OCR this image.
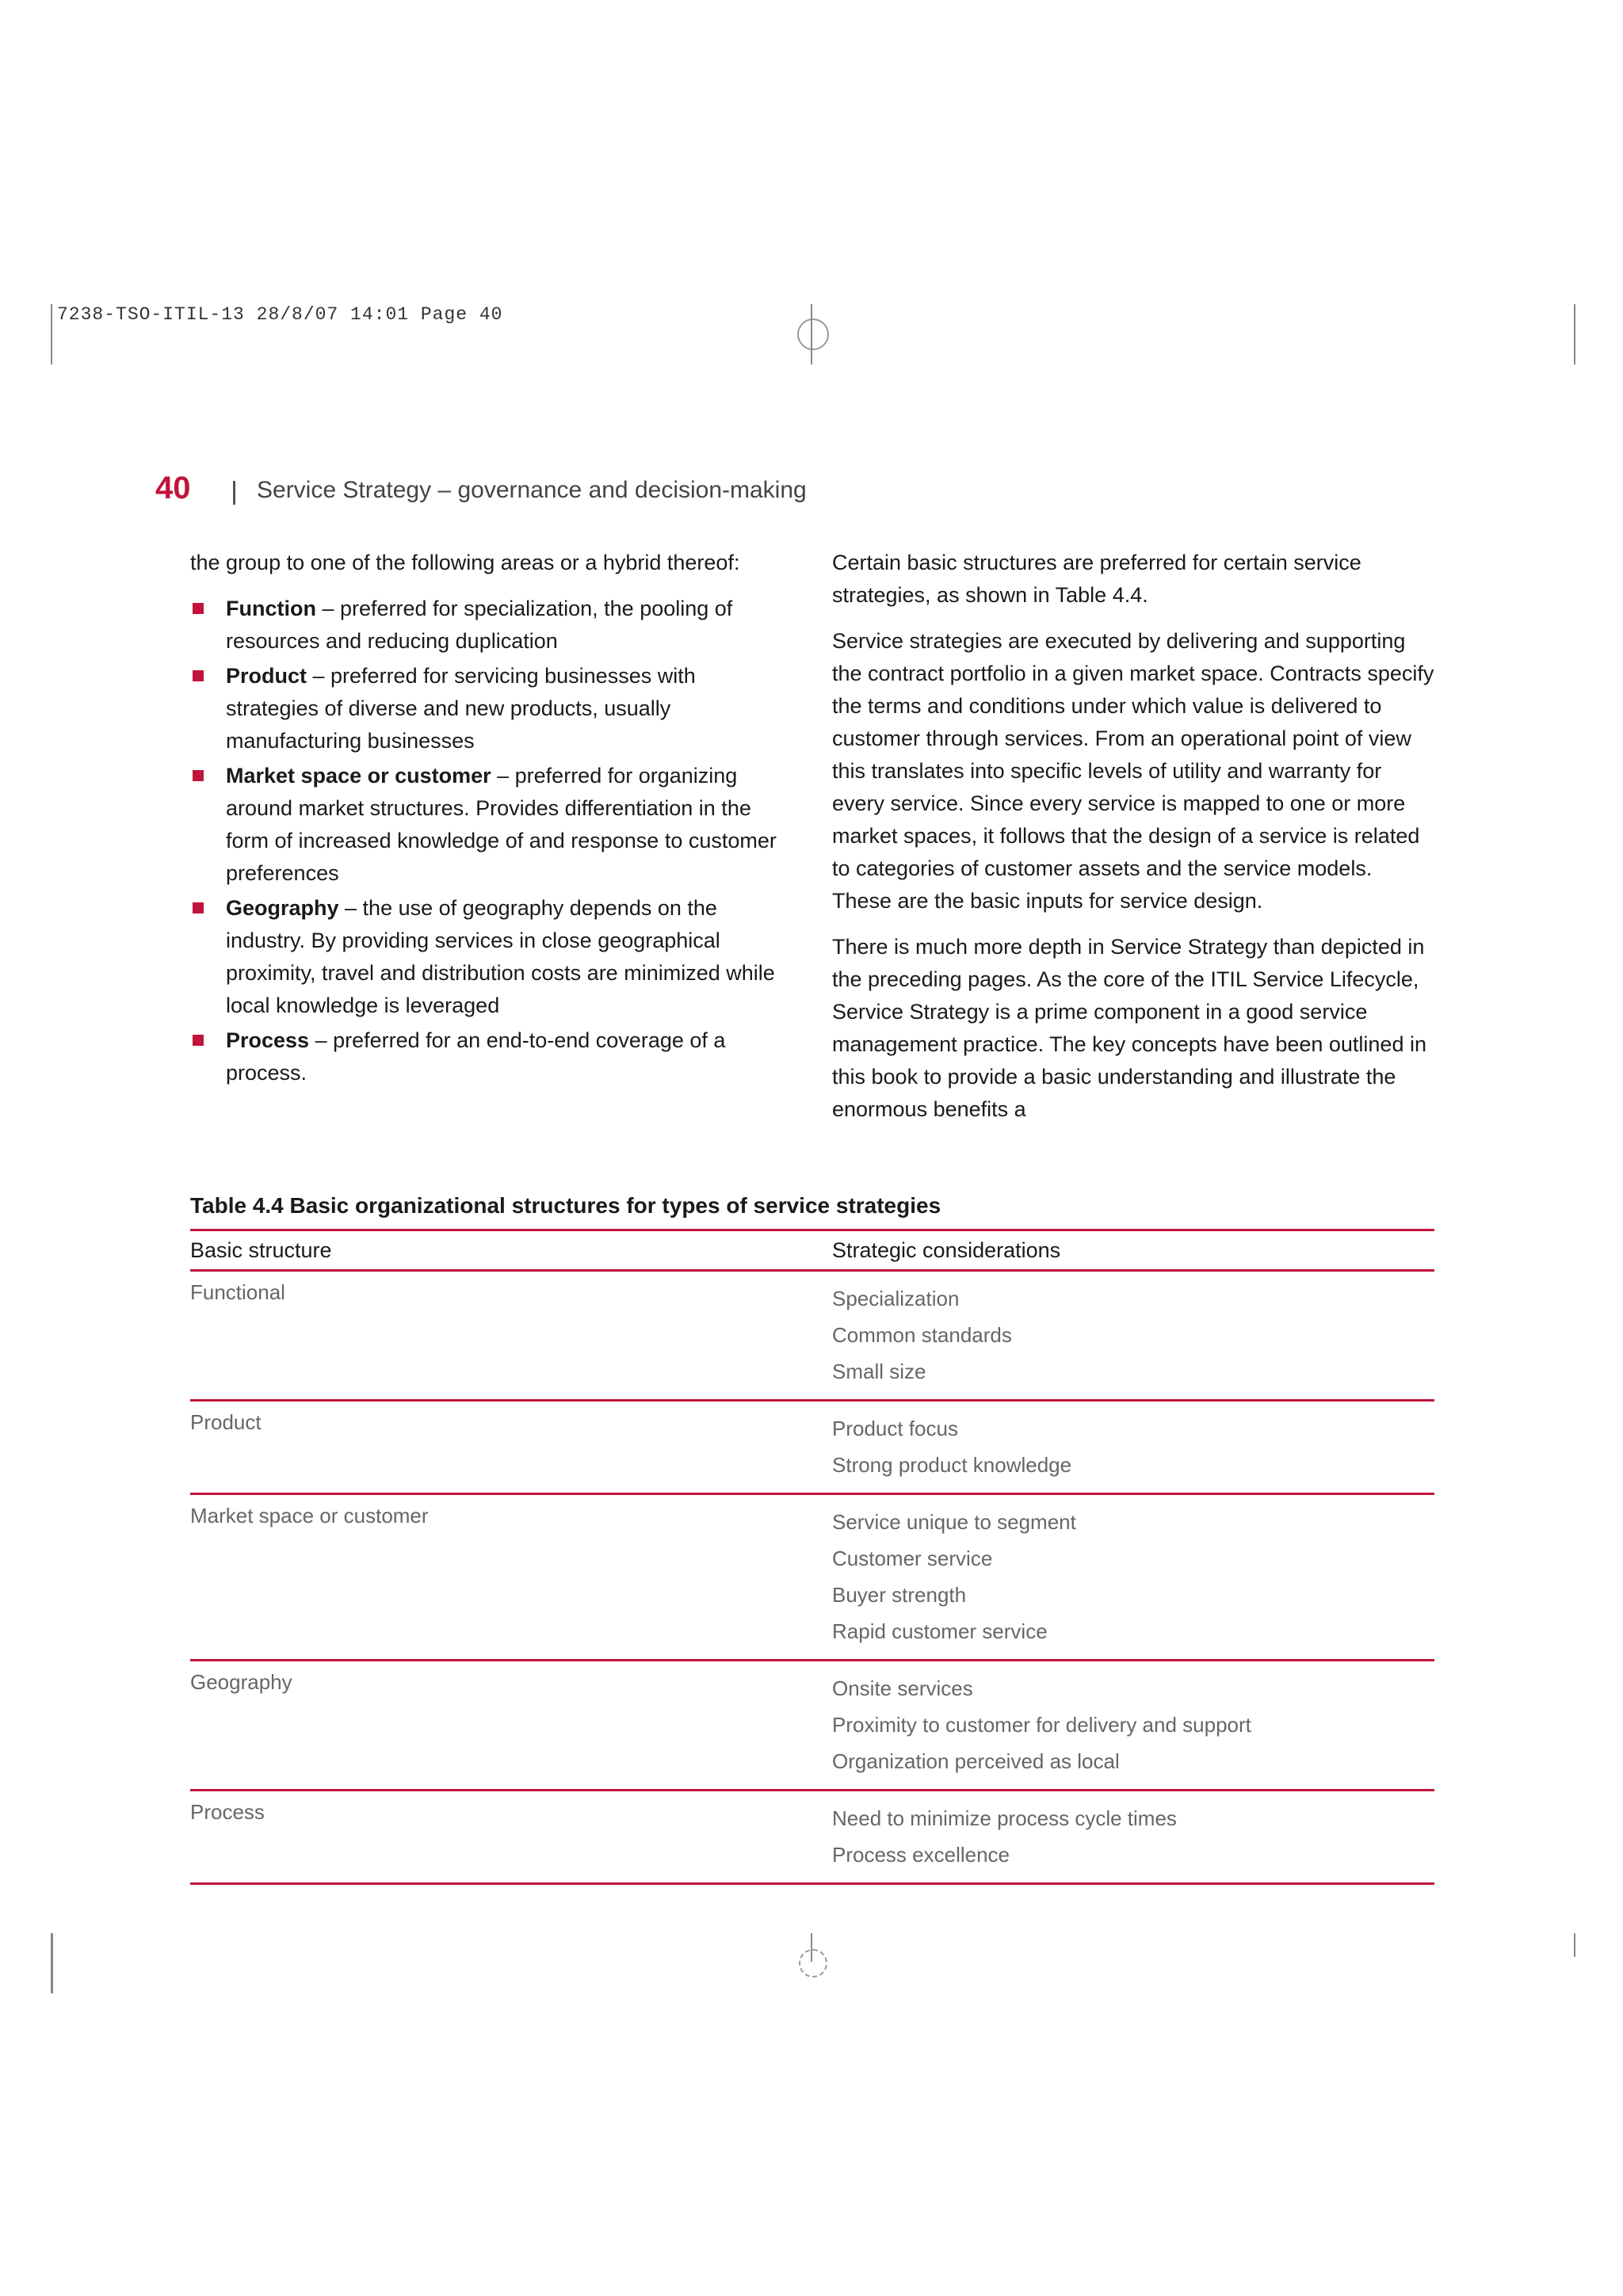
7238-TSO-ITIL-13 28/8/07 14:01 Page 40
40	Service Strategy – governance and decision-making

the group to one of the following areas or a hybrid thereof:

Function – preferred for specialization, the pooling of resources and reducing duplication
Product – preferred for servicing businesses with strategies of diverse and new products, usually manufacturing businesses
Market space or customer – preferred for organizing around market structures. Provides differentiation in the form of increased knowledge of and response to customer preferences
Geography – the use of geography depends on the industry. By providing services in close geographical proximity, travel and distribution costs are minimized while local knowledge is leveraged
Process – preferred for an end-to-end coverage of a process.

Certain basic structures are preferred for certain service strategies, as shown in Table 4.4.

Service strategies are executed by delivering and supporting the contract portfolio in a given market space. Contracts specify the terms and conditions under which value is delivered to customer through services. From an operational point of view this translates into specific levels of utility and warranty for every service. Since every service is mapped to one or more market spaces, it follows that the design of a service is related to categories of customer assets and the service models. These are the basic inputs for service design.

There is much more depth in Service Strategy than depicted in the preceding pages. As the core of the ITIL Service Lifecycle, Service Strategy is a prime component in a good service management practice. The key concepts have been outlined in this book to provide a basic understanding and illustrate the enormous benefits a

Table 4.4 Basic organizational structures for types of service strategies
Basic structure	Strategic considerations
Functional	Specialization
Common standards
Small size

Product	Product focus
Strong product knowledge

Market space or customer	Service unique to segment
Customer service
Buyer strength
Rapid customer service

Geography	Onsite services
Proximity to customer for delivery and support
Organization perceived as local

Process	Need to minimize process cycle times
Process excellence
